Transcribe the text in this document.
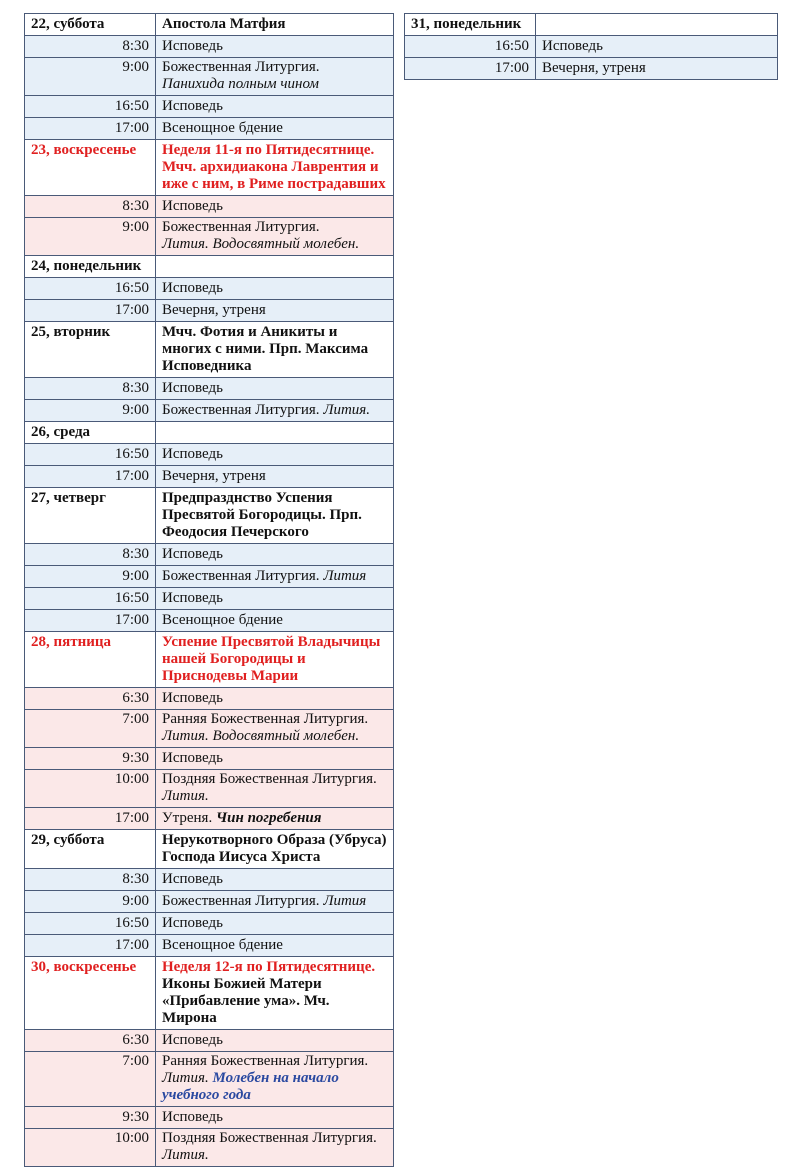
22, суббота	Апостола Матфия
8:30	Исповедь
9:00	Божественная Литургия.
Панихида полным чином
16:50	Исповедь
17:00	Всенощное бдение
23, воскресенье	Неделя 11-я по Пятидесятнице. Мчч. архидиакона Лаврентия и иже с ним, в Риме пострадавших
8:30	Исповедь
9:00	Божественная Литургия.
Лития. Водосвятный молебен.
24, понедельник	
16:50	Исповедь
17:00	Вечерня, утреня
25, вторник	Мчч. Фотия и Аникиты и многих с ними. Прп. Максима Исповедника
8:30	Исповедь
9:00	Божественная Литургия. Лития.
26, среда	
16:50	Исповедь
17:00	Вечерня, утреня
27, четверг	Предпразднство Успения Пресвятой Богородицы. Прп. Феодосия Печерского
8:30	Исповедь
9:00	Божественная Литургия. Лития
16:50	Исповедь
17:00	Всенощное бдение
28, пятница	Успение Пресвятой Владычицы нашей Богородицы и Приснодевы Марии
6:30	Исповедь
7:00	Ранняя Божественная Литургия.
Лития. Водосвятный молебен.
9:30	Исповедь
10:00	Поздняя Божественная Литургия.
Лития.
17:00	Утреня. Чин погребения
29, суббота	Нерукотворного Образа (Убруса) Господа Иисуса Христа
8:30	Исповедь
9:00	Божественная Литургия. Лития
16:50	Исповедь
17:00	Всенощное бдение
30, воскресенье	Неделя 12-я по Пятидесятнице.
Иконы Божией Матери «Прибавление ума». Мч. Мирона
6:30	Исповедь
7:00	Ранняя Божественная Литургия.
Лития. Молебен на начало учебного года
9:30	Исповедь
10:00	Поздняя Божественная Литургия.
Лития.
31, понедельник	
16:50	Исповедь
17:00	Вечерня, утреня
